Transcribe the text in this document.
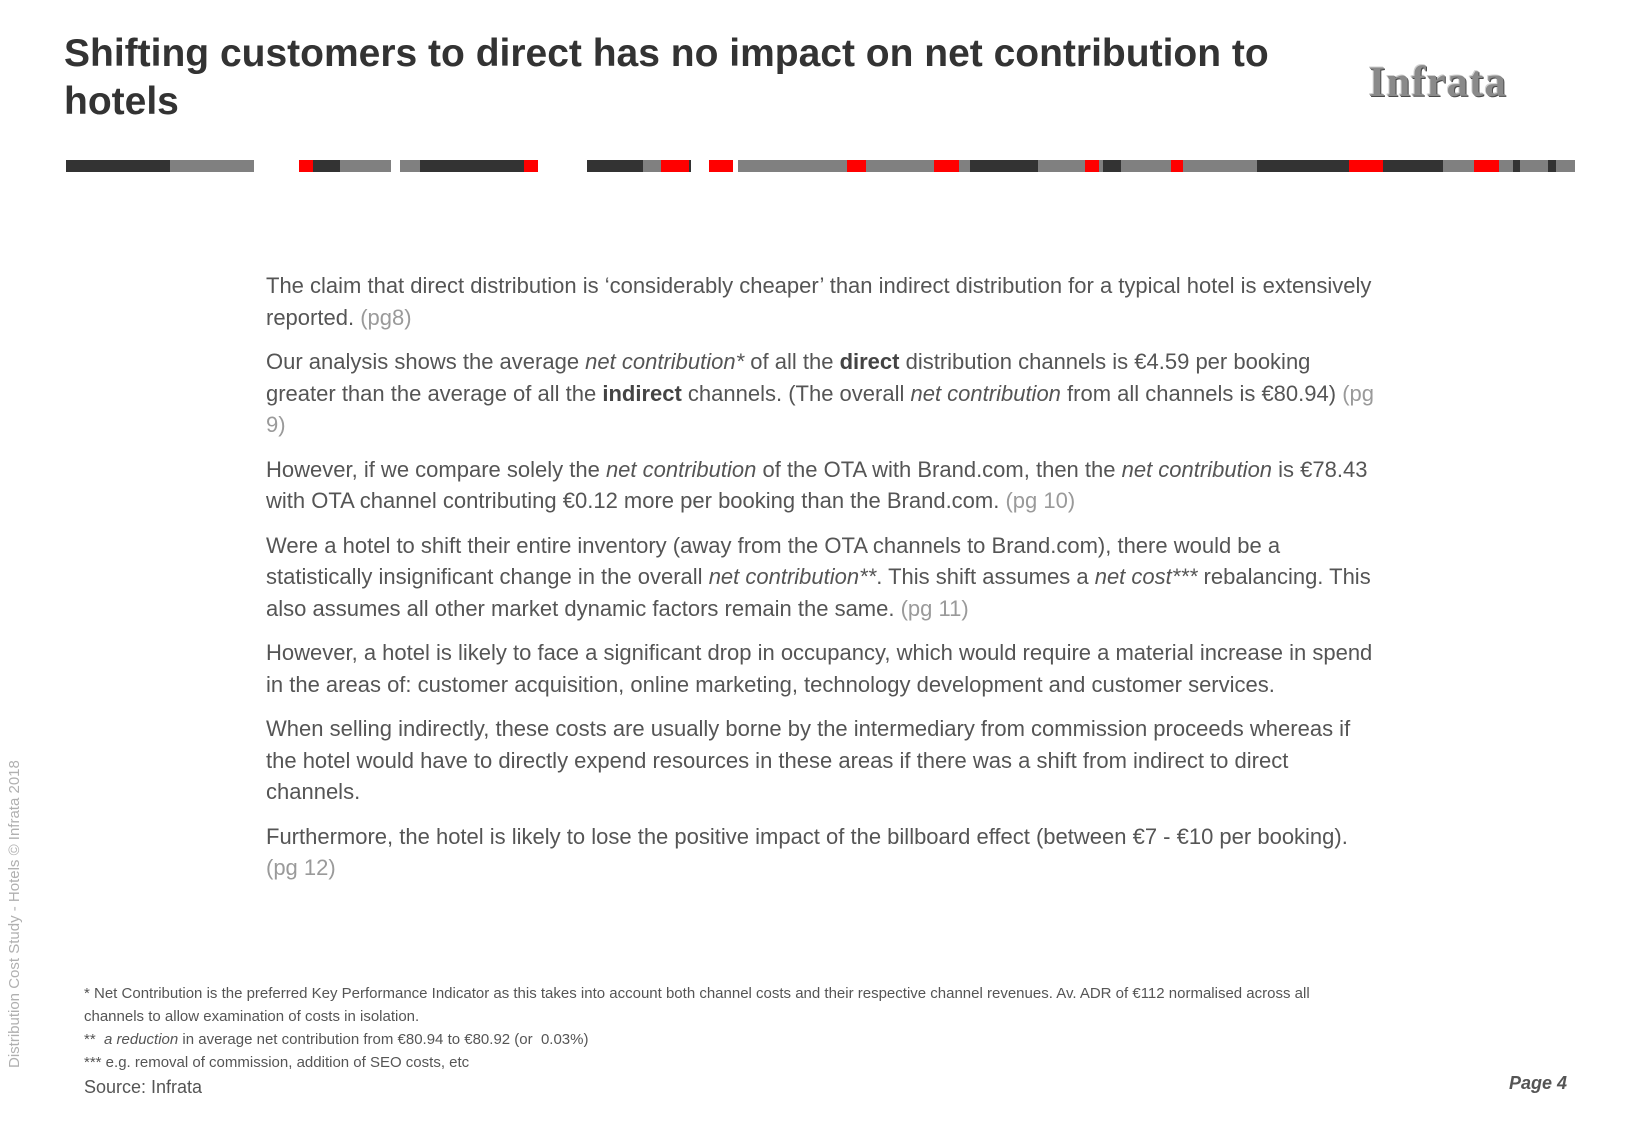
Shifting customers to direct has no impact on net contribution to hotels	Infrata

The claim that direct distribution is ‘considerably cheaper’ than indirect distribution for a typical hotel is extensively reported. (pg8)

Our analysis shows the average net contribution* of all the direct distribution channels is €4.59 per booking greater than the average of all the indirect channels. (The overall net contribution from all channels is €80.94) (pg 9)

However, if we compare solely the net contribution of the OTA with Brand.com, then the net contribution is €78.43 with OTA channel contributing €0.12 more per booking than the Brand.com. (pg 10)

Were a hotel to shift their entire inventory (away from the OTA channels to Brand.com), there would be a statistically insignificant change in the overall net contribution**. This shift assumes a net cost*** rebalancing. This also assumes all other market dynamic factors remain the same. (pg 11)

However, a hotel is likely to face a significant drop in occupancy, which would require a material increase in spend in the areas of: customer acquisition, online marketing, technology development and customer services.

When selling indirectly, these costs are usually borne by the intermediary from commission proceeds whereas if the hotel would have to directly expend resources in these areas if there was a shift from indirect to direct channels.

Furthermore, the hotel is likely to lose the positive impact of the billboard effect (between €7 - €10 per booking). (pg 12)

Distribution Cost Study - Hotels © Infrata 2018	* Net Contribution is the preferred Key Performance Indicator as this takes into account both channel costs and their respective channel revenues. Av. ADR of €112 normalised across all channels to allow examination of costs in isolation.
**  a reduction in average net contribution from €80.94 to €80.92 (or  0.03%)
*** e.g. removal of commission, addition of SEO costs, etc
Source: Infrata	Page 4
